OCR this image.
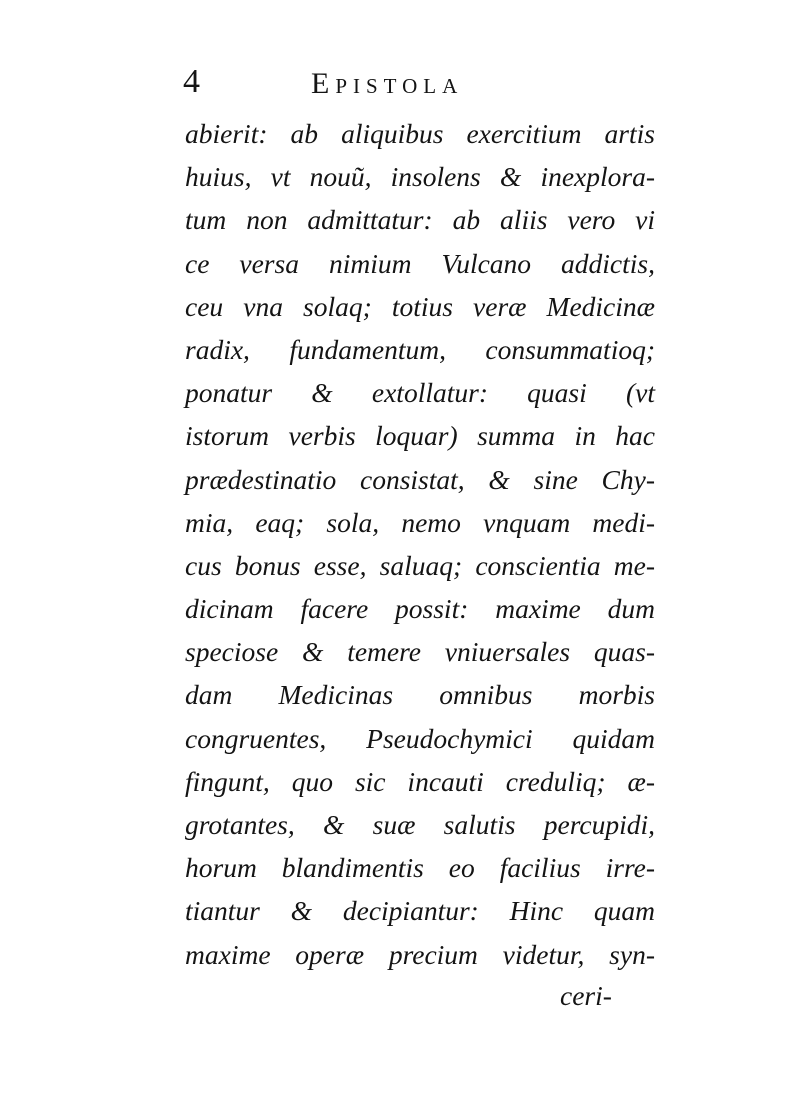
4	Epistola
abierit: ab aliquibus exercitium artis
huius, vt nouũ, insolens & inexplora-
tum non admittatur: ab aliis vero vi
ce versa nimium Vulcano addictis,
ceu vna solaq; totius veræ Medicinæ
radix, fundamentum, consummatioq;
ponatur & extollatur: quasi (vt
istorum verbis loquar) summa in hac
prædestinatio consistat, & sine Chy-
mia, eaq; sola, nemo vnquam medi-
cus bonus esse, saluaq; conscientia me-
dicinam facere possit: maxime dum
speciose & temere vniuersales quas-
dam Medicinas omnibus morbis
congruentes, Pseudochymici quidam
fingunt, quo sic incauti creduliq; æ-
grotantes, & suæ salutis percupidi,
horum blandimentis eo facilius irre-
tiantur & decipiantur: Hinc quam
maxime operæ precium videtur, syn-
ceri-
